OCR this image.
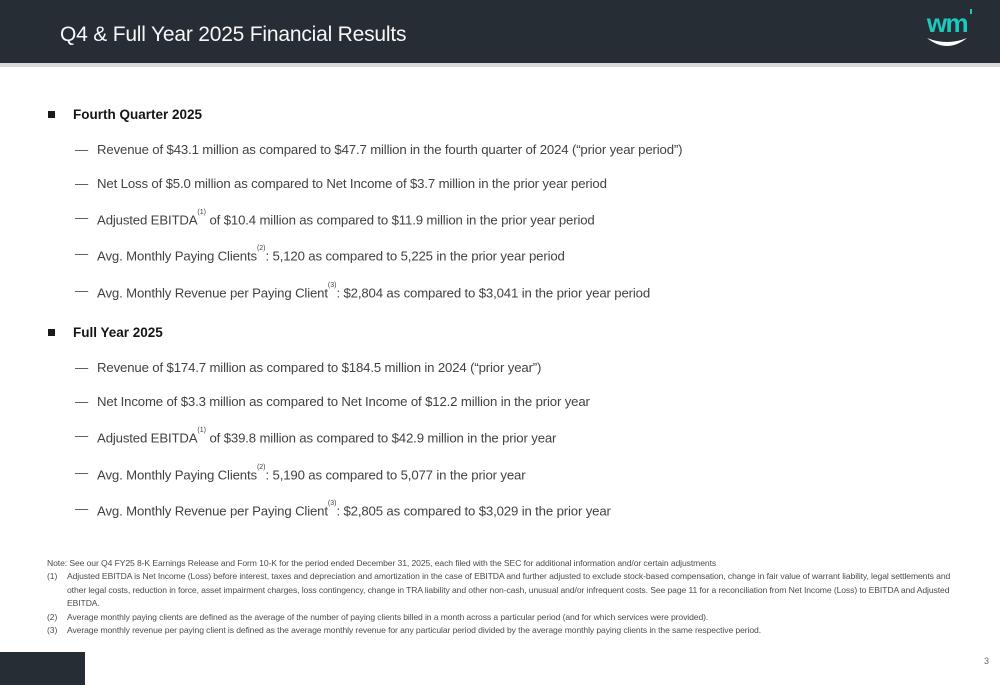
Q4 & Full Year 2025 Financial Results	wm
Fourth Quarter 2025
— Revenue of $43.1 million as compared to $47.7 million in the fourth quarter of 2024 (“prior year period”)
— Net Loss of $5.0 million as compared to Net Income of $3.7 million in the prior year period
— Adjusted EBITDA$^{(1)}$ of $10.4 million as compared to $11.9 million in the prior year period
— Avg. Monthly Paying Clients$^{(2)}$: 5,120 as compared to 5,225 in the prior year period
— Avg. Monthly Revenue per Paying Client$^{(3)}$: $2,804 as compared to $3,041 in the prior year period
Full Year 2025
— Revenue of $174.7 million as compared to $184.5 million in 2024 (“prior year”)
— Net Income of $3.3 million as compared to Net Income of $12.2 million in the prior year
— Adjusted EBITDA$^{(1)}$ of $39.8 million as compared to $42.9 million in the prior year
— Avg. Monthly Paying Clients$^{(2)}$: 5,190 as compared to 5,077 in the prior year
— Avg. Monthly Revenue per Paying Client$^{(3)}$: $2,805 as compared to $3,029 in the prior year
Note: See our Q4 FY25 8-K Earnings Release and Form 10-K for the period ended December 31, 2025, each filed with the SEC for additional information and/or certain adjustments
(1)	Adjusted EBITDA is Net Income (Loss) before interest, taxes and depreciation and amortization in the case of EBITDA and further adjusted to exclude stock-based compensation, change in fair value of warrant liability, legal settlements and other legal costs, reduction in force, asset impairment charges, loss contingency, change in TRA liability and other non-cash, unusual and/or infrequent costs. See page 11 for a reconciliation from Net Income (Loss) to EBITDA and Adjusted EBITDA.
(2)	Average monthly paying clients are defined as the average of the number of paying clients billed in a month across a particular period (and for which services were provided).
(3)	Average monthly revenue per paying client is defined as the average monthly revenue for any particular period divided by the average monthly paying clients in the same respective period.
3
